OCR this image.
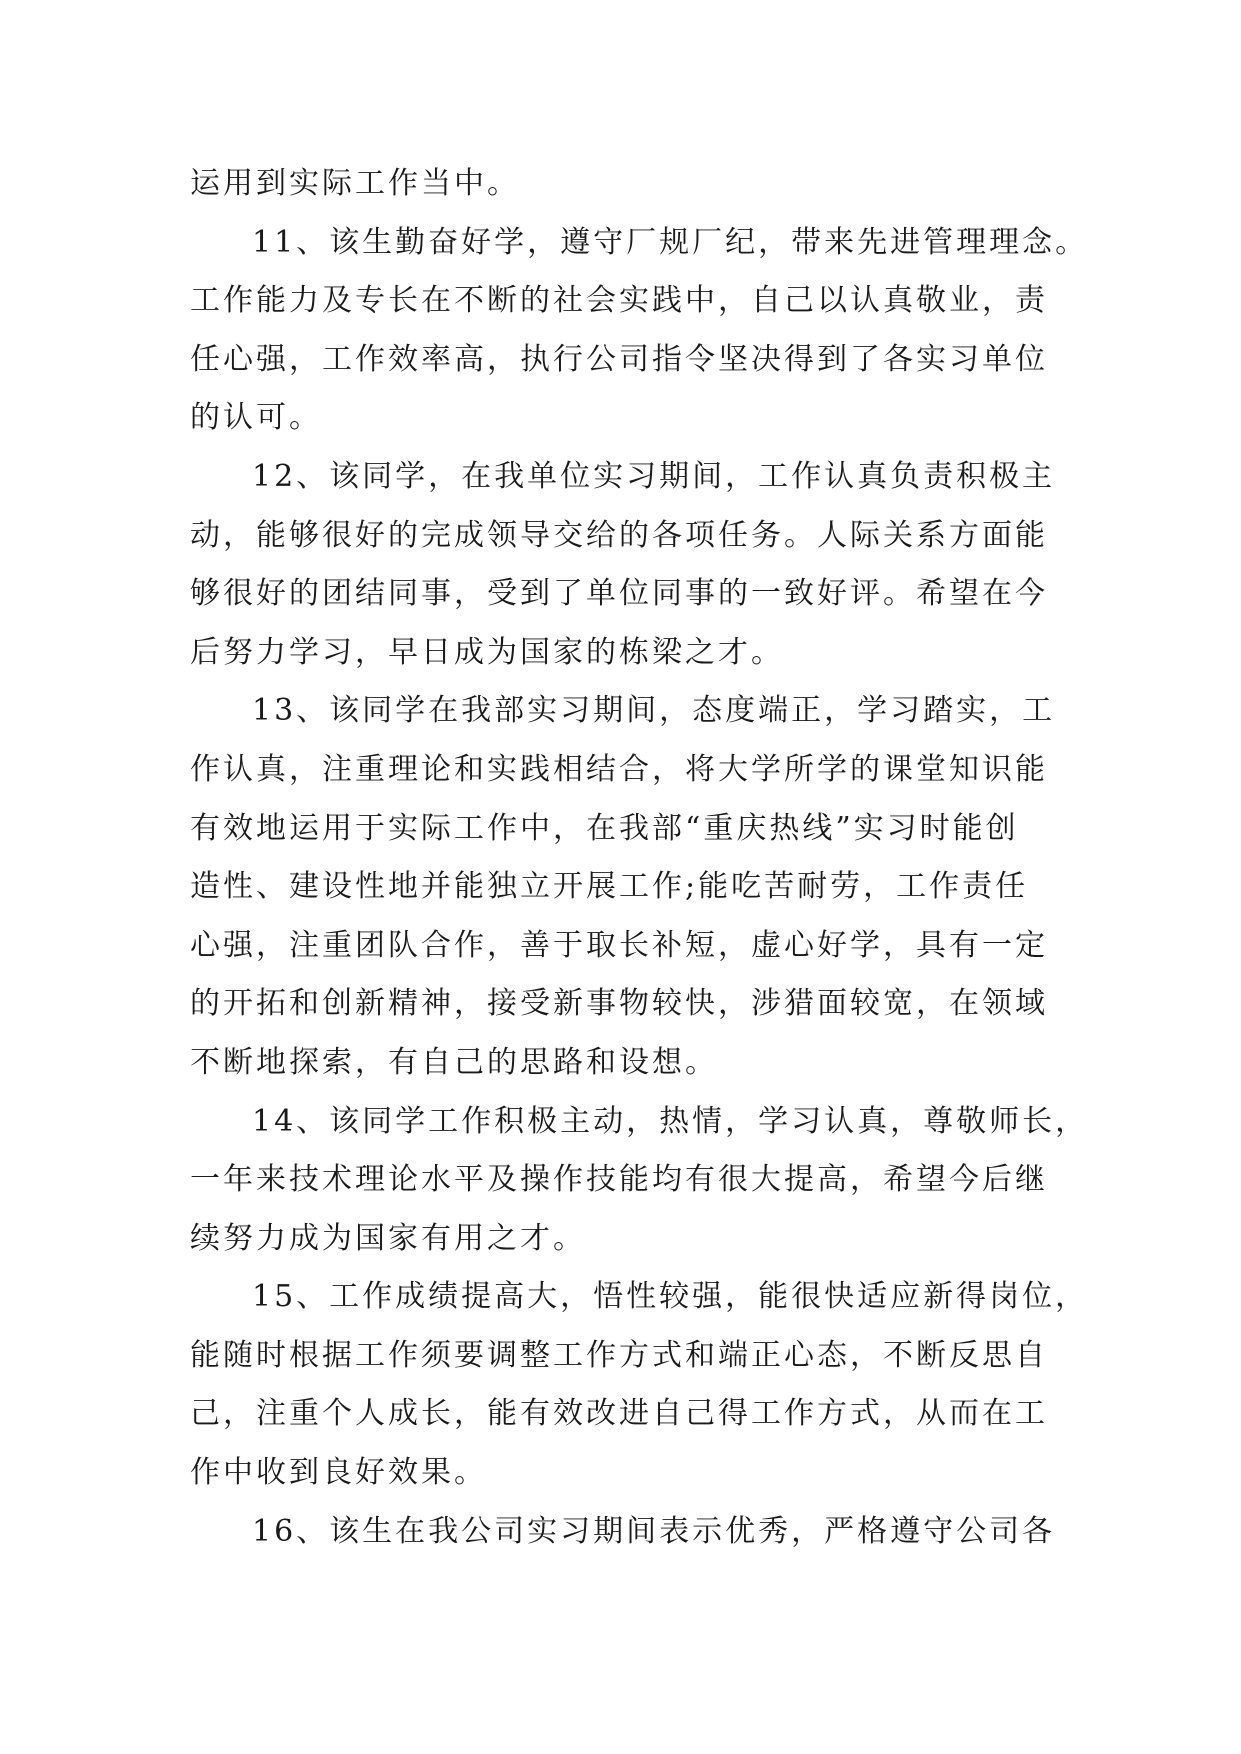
运用到实际工作当中。
11、该生勤奋好学，遵守厂规厂纪，带来先进管理理念。
工作能力及专长在不断的社会实践中，自己以认真敬业，责
任心强，工作效率高，执行公司指令坚决得到了各实习单位
的认可。
12、该同学，在我单位实习期间，工作认真负责积极主
动，能够很好的完成领导交给的各项任务。人际关系方面能
够很好的团结同事，受到了单位同事的一致好评。希望在今
后努力学习，早日成为国家的栋梁之才。
13、该同学在我部实习期间，态度端正，学习踏实，工
作认真，注重理论和实践相结合，将大学所学的课堂知识能
有效地运用于实际工作中，在我部“重庆热线”实习时能创
造性、建设性地并能独立开展工作;能吃苦耐劳，工作责任
心强，注重团队合作，善于取长补短，虚心好学，具有一定
的开拓和创新精神，接受新事物较快，涉猎面较宽，在领域
不断地探索，有自己的思路和设想。
14、该同学工作积极主动，热情，学习认真，尊敬师长，
一年来技术理论水平及操作技能均有很大提高，希望今后继
续努力成为国家有用之才。
15、工作成绩提高大，悟性较强，能很快适应新得岗位，
能随时根据工作须要调整工作方式和端正心态，不断反思自
己，注重个人成长，能有效改进自己得工作方式，从而在工
作中收到良好效果。
16、该生在我公司实习期间表示优秀，严格遵守公司各
